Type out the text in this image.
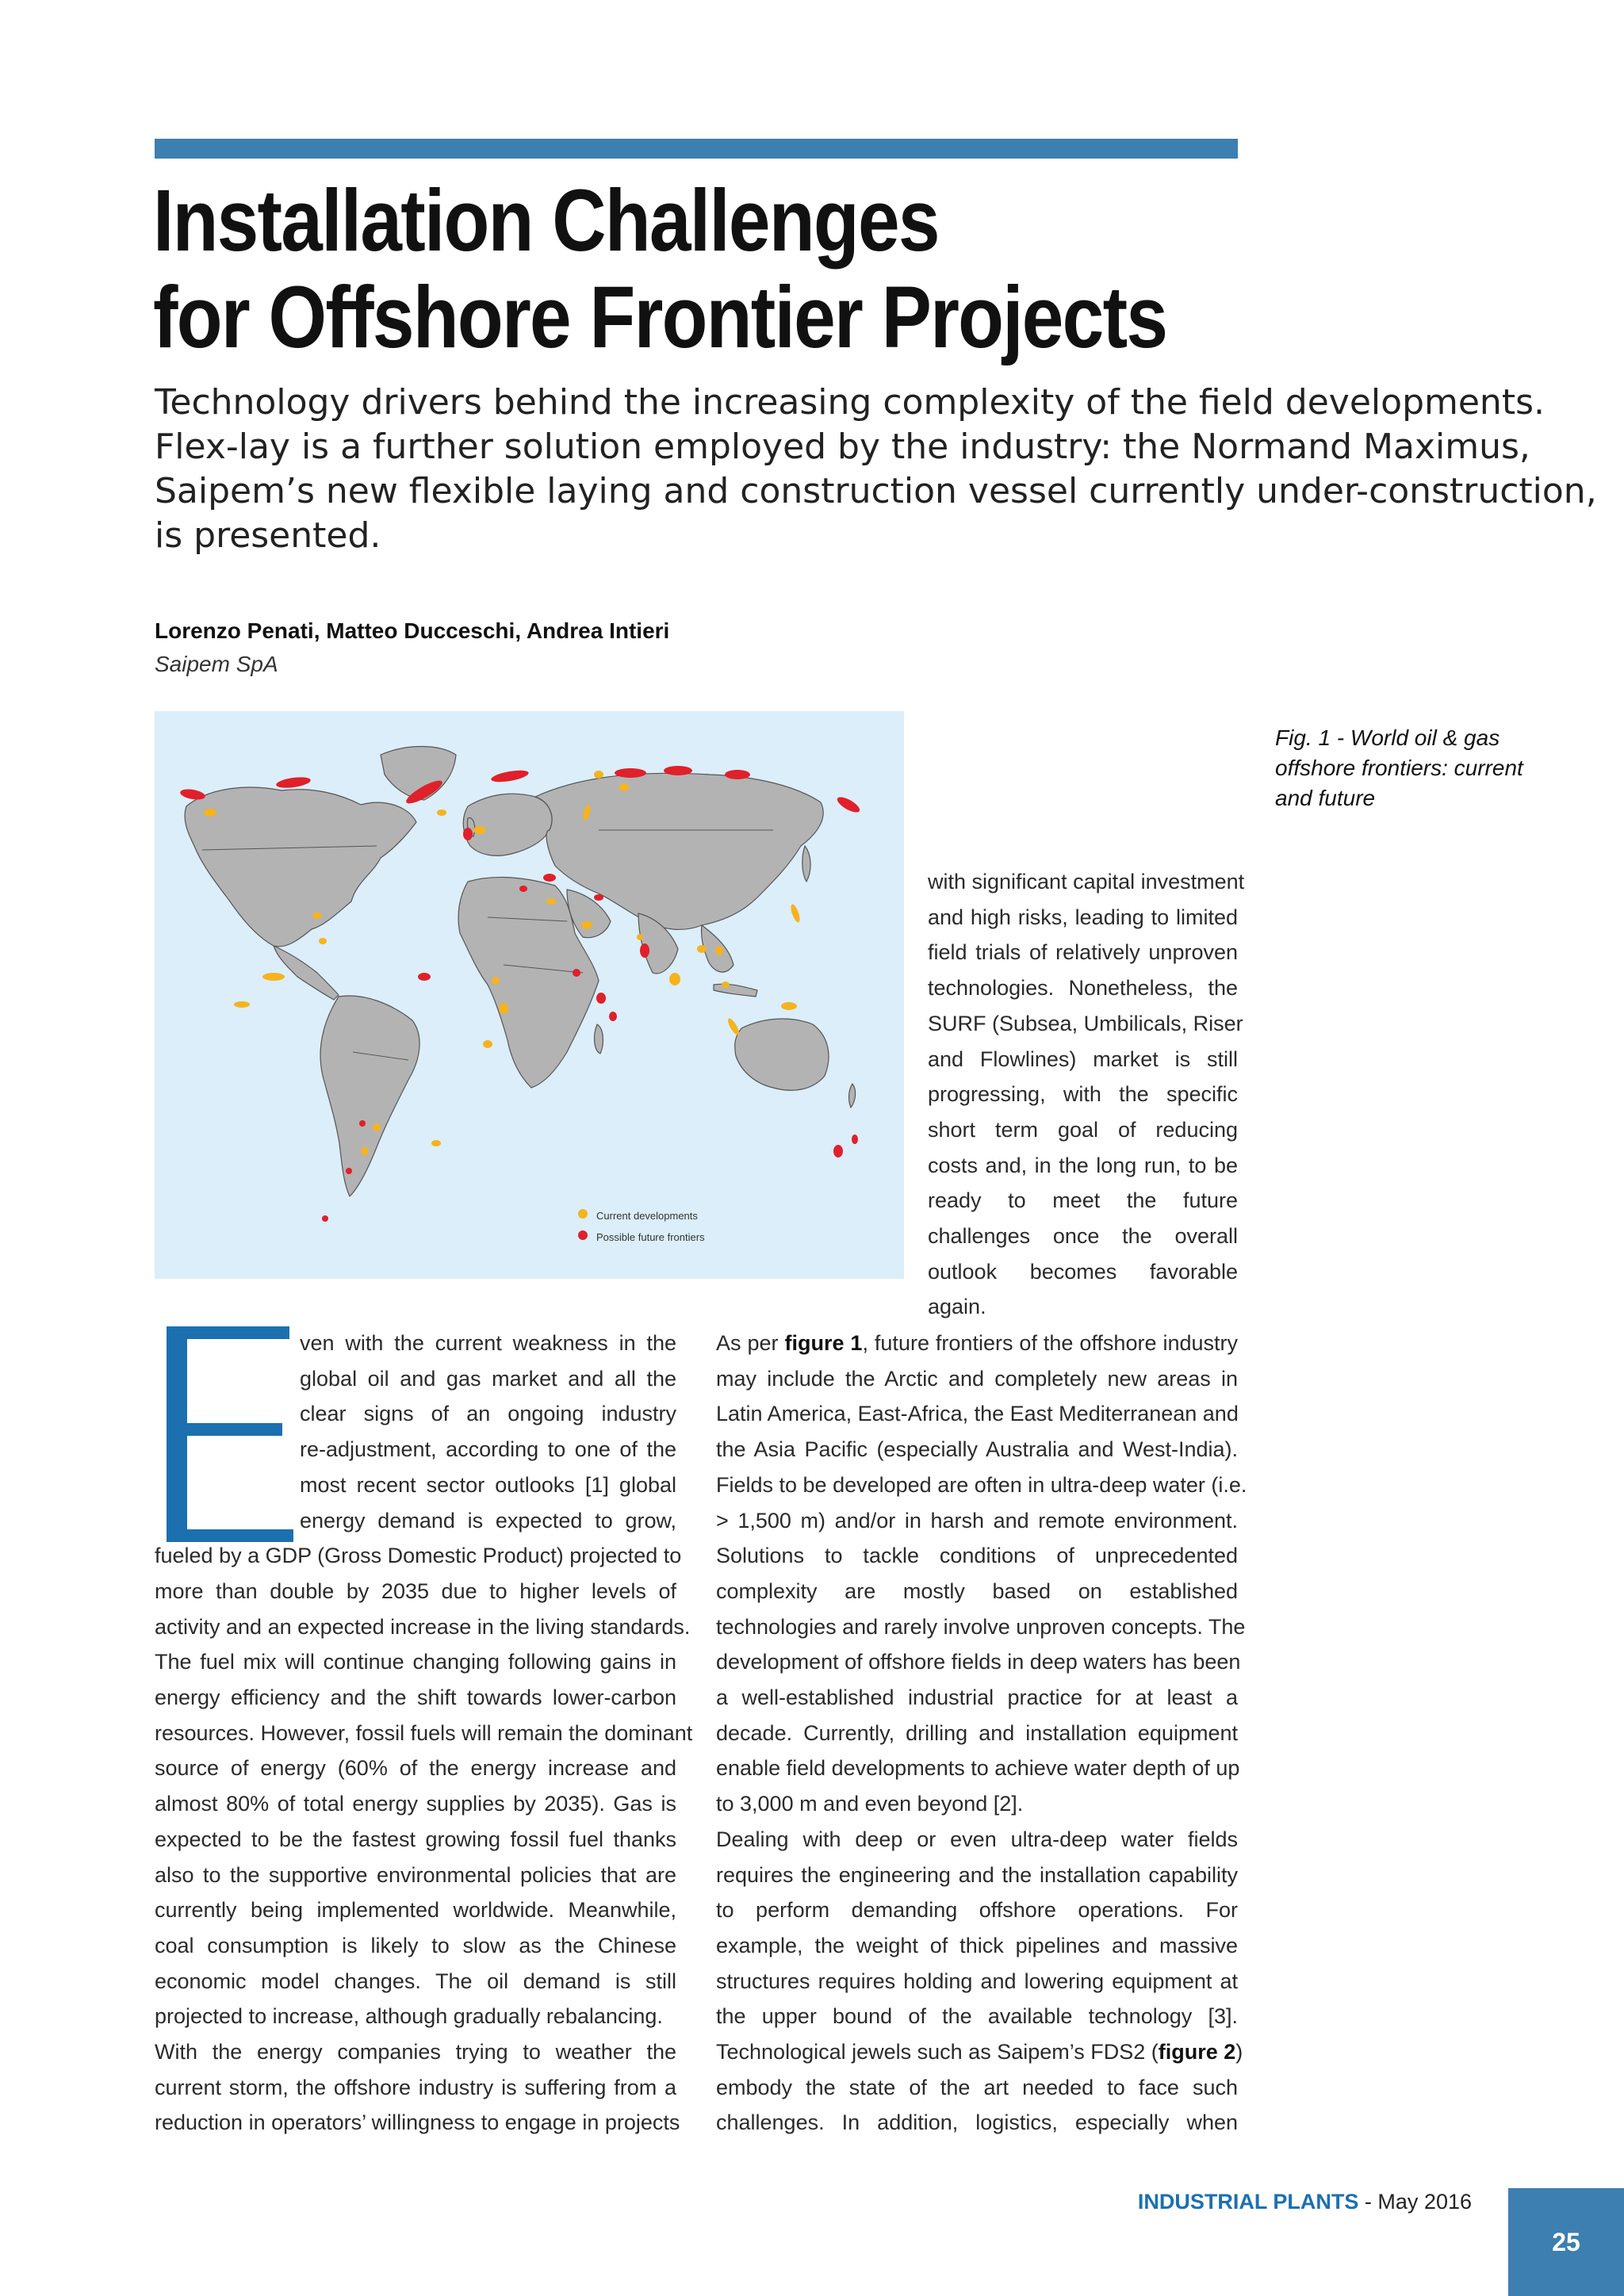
Installation Challenges
for Offshore Frontier Projects

Technology drivers behind the increasing complexity of the field developments.
Flex-lay is a further solution employed by the industry: the Normand Maximus,
Saipem’s new flexible laying and construction vessel currently under-construction,
is presented.

Lorenzo Penati, Matteo Ducceschi, Andrea Intieri
Saipem SpA
Current developments
Possible future frontiers
Fig. 1 - World oil & gas
offshore frontiers: current
and future
with significant capital investment
and high risks, leading to limited
field trials of relatively unproven
technologies. Nonetheless, the
SURF (Subsea, Umbilicals, Riser
and Flowlines) market is still
progressing, with the specific
short term goal of reducing
costs and, in the long run, to be
ready to meet the future
challenges once the overall
outlook becomes favorable
again.
ven with the current weakness in the
global oil and gas market and all the
clear signs of an ongoing industry
re-adjustment, according to one of the
most recent sector outlooks [1] global
energy demand is expected to grow,
fueled by a GDP (Gross Domestic Product) projected to
more than double by 2035 due to higher levels of
activity and an expected increase in the living standards.
The fuel mix will continue changing following gains in
energy efficiency and the shift towards lower-carbon
resources. However, fossil fuels will remain the dominant
source of energy (60% of the energy increase and
almost 80% of total energy supplies by 2035). Gas is
expected to be the fastest growing fossil fuel thanks
also to the supportive environmental policies that are
currently being implemented worldwide. Meanwhile,
coal consumption is likely to slow as the Chinese
economic model changes. The oil demand is still
projected to increase, although gradually rebalancing.
With the energy companies trying to weather the
current storm, the offshore industry is suffering from a
reduction in operators’ willingness to engage in projects
As per figure 1, future frontiers of the offshore industry
may include the Arctic and completely new areas in
Latin America, East-Africa, the East Mediterranean and
the Asia Pacific (especially Australia and West-India).
Fields to be developed are often in ultra-deep water (i.e.
> 1,500 m) and/or in harsh and remote environment.
Solutions to tackle conditions of unprecedented
complexity are mostly based on established
technologies and rarely involve unproven concepts. The
development of offshore fields in deep waters has been
a well-established industrial practice for at least a
decade. Currently, drilling and installation equipment
enable field developments to achieve water depth of up
to 3,000 m and even beyond [2].
Dealing with deep or even ultra-deep water fields
requires the engineering and the installation capability
to perform demanding offshore operations. For
example, the weight of thick pipelines and massive
structures requires holding and lowering equipment at
the upper bound of the available technology [3].
Technological jewels such as Saipem’s FDS2 (figure 2)
embody the state of the art needed to face such
challenges. In addition, logistics, especially when
INDUSTRIAL PLANTS - May 2016
25
